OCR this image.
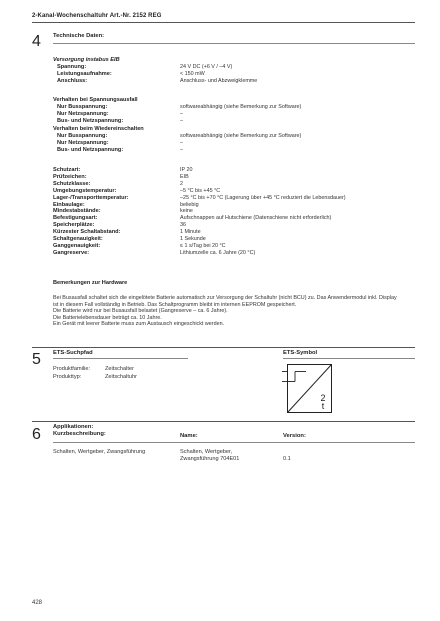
2-Kanal-Wochenschaltuhr Art.-Nr. 2152 REG
4 Technische Daten:
Versorgung instabus EIB
Spannung:	24 V DC (+6 V / –4 V)
Leistungsaufnahme:	< 150 mW
Anschluss:	Anschluss- und Abzweigklemme
Verhalten bei Spannungsausfall
Nur Busspannung:	softwareabhängig (siehe Bemerkung zur Software)
Nur Netzspannung:	–
Bus- und Netzspannung:	–
Verhalten beim Wiedereinschalten
Nur Busspannung:	softwareabhängig (siehe Bemerkung zur Software)
Nur Netzspannung:	–
Bus- und Netzspannung:	–
Schutzart:	IP 20
Prüfzeichen:	EIB
Schutzklasse:	2
Umgebungstemperatur:	–5 °C bis +45 °C
Lager-/Transporttemperatur:	–25 °C bis +70 °C (Lagerung über +45 °C reduziert die Lebensdauer)
Einbaulage:	beliebig
Mindestabstände:	keine
Befestigungsart:	Aufschnappen auf Hutschiene (Datenschiene nicht erforderlich)
Speicherplätze:	36
Kürzester Schaltabstand:	1 Minute
Schaltgenauigkeit:	1 Sekunde
Ganggenauigkeit:	≤ 1 s/Tag bei 20 °C
Gangreserve:	Lithiumzelle ca. 6 Jahre (20 °C)
Bemerkungen zur Hardware
Bei Busausfall schaltet sich die eingelötete Batterie automatisch zur Versorgung der Schaltuhr (nicht BCU) zu. Das Anwendermodul inkl. Display
ist in diesem Fall vollständig in Betrieb. Das Schaltprogramm bleibt im internen EEPROM gespeichert.
Die Batterie wird nur bei Busausfall belastet (Gangreserve – ca. 6 Jahre).
Die Batterielebensdauer beträgt ca. 10 Jahre.
Ein Gerät mit leerer Batterie muss zum Austausch eingeschickt werden.
5 ETS-Suchpfad
Produktfamilie:	Zeitschalter
Produkttyp:	Zeitschaltuhr
ETS-Symbol
2
t
6 Applikationen:
Kurzbeschreibung:	Name:	Version:
Schalten, Wertgeber, Zwangsführung	Schalten, Wertgeber,
Zwangsführung 704E01	0.1
428
